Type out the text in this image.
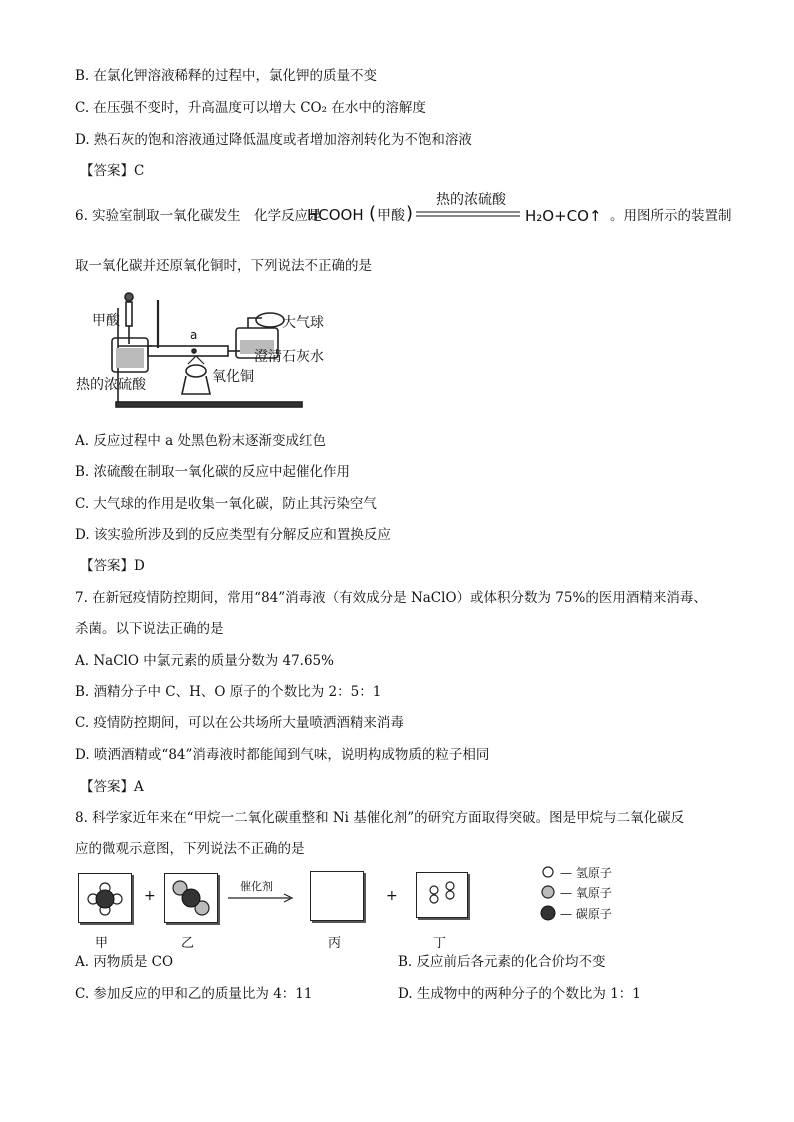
B. 在氯化钾溶液稀释的过程中，氯化钾的质量不变
C. 在压强不变时，升高温度可以增大 CO₂ 在水中的溶解度
D. 熟石灰的饱和溶液通过降低温度或者增加溶剂转化为不饱和溶液
【答案】C
6. 实验室制取一氧化碳发生　化学反应是
HCOOH ( 甲酸 )
热的浓硫酸
H₂O+CO↑ 。用图所示的装置制
取一氧化碳并还原氧化铜时，下列说法不正确的是
甲酸	大气球
a
澄清石灰水
热的浓硫酸	氧化铜
A. 反应过程中 a 处黑色粉末逐渐变成红色
B. 浓硫酸在制取一氧化碳的反应中起催化作用
C. 大气球的作用是收集一氧化碳，防止其污染空气
D. 该实验所涉及到的反应类型有分解反应和置换反应
【答案】D
7. 在新冠疫情防控期间，常用“84”消毒液（有效成分是 NaClO）或体积分数为 75%的医用酒精来消毒、
杀菌。以下说法正确的是
A. NaClO 中氯元素的质量分数为 47.65%
B. 酒精分子中 C、H、O 原子的个数比为 2：5：1
C. 疫情防控期间，可以在公共场所大量喷洒酒精来消毒
D. 喷洒酒精或“84”消毒液时都能闻到气味，说明构成物质的粒子相同
【答案】A
8. 科学家近年来在“甲烷一二氧化碳重整和 Ni 基催化剂”的研究方面取得突破。图是甲烷与二氧化碳反
应的微观示意图，下列说法不正确的是
+
催化剂
+
— 氢原子
— 氧原子
— 碳原子
甲	乙	丙	丁
A. 丙物质是 CO	B. 反应前后各元素的化合价均不变
C. 参加反应的甲和乙的质量比为 4：11	D. 生成物中的两种分子的个数比为 1：1
